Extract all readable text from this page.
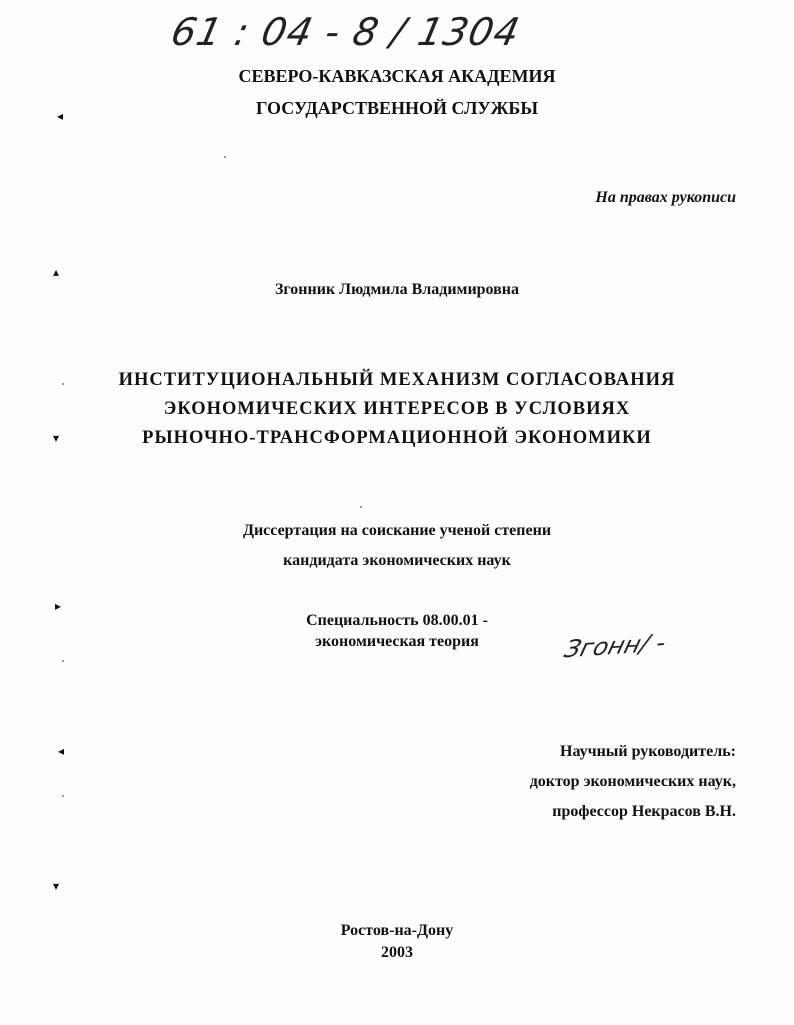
61 : 04 - 8 / 1304
СЕВЕРО-КАВКАЗСКАЯ АКАДЕМИЯ
ГОСУДАРСТВЕННОЙ СЛУЖБЫ
На правах рукописи
Згонник Людмила Владимировна
ИНСТИТУЦИОНАЛЬНЫЙ МЕХАНИЗМ СОГЛАСОВАНИЯ
ЭКОНОМИЧЕСКИХ ИНТЕРЕСОВ В УСЛОВИЯХ
РЫНОЧНО-ТРАНСФОРМАЦИОННОЙ ЭКОНОМИКИ
Диссертация на соискание ученой степени
кандидата экономических наук
Специальность 08.00.01 -
экономическая теория	Згонн/ -
Научный руководитель:
доктор экономических наук,
профессор Некрасов В.Н.
Ростов-на-Дону
2003
◂
▴
▾
▸
◂
▾
